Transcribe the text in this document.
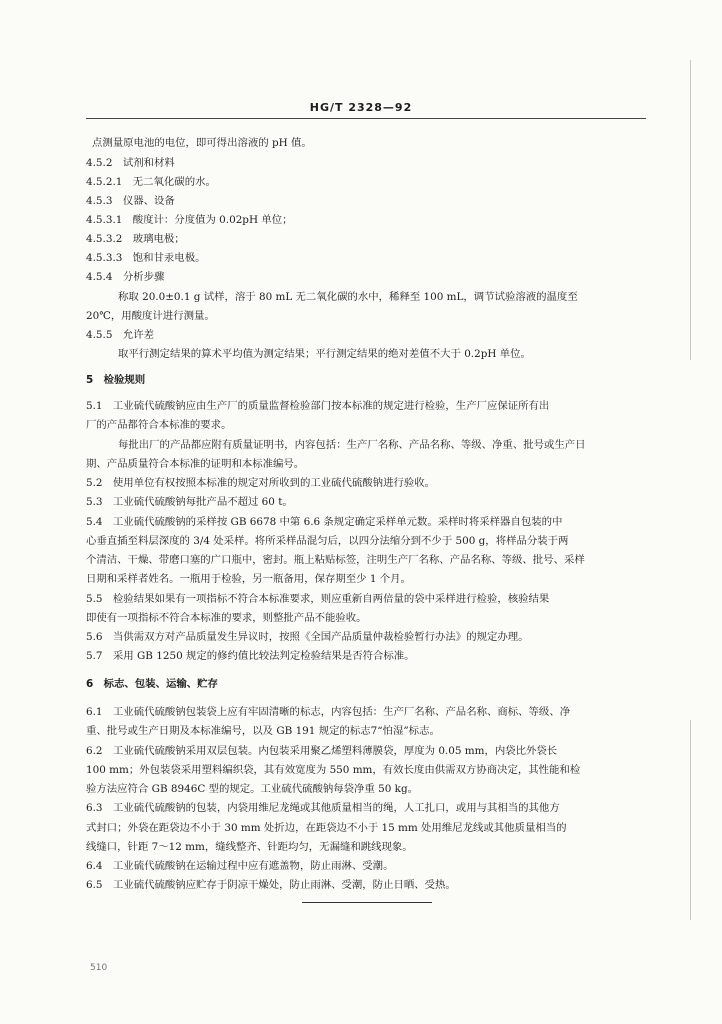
HG/T 2328—92
点测量原电池的电位，即可得出溶液的 pH 值。
4.5.2　试剂和材料
4.5.2.1　无二氧化碳的水。
4.5.3　仪器、设备
4.5.3.1　酸度计：分度值为 0.02pH 单位；
4.5.3.2　玻璃电极；
4.5.3.3　饱和甘汞电极。
4.5.4　分析步骤
称取 20.0±0.1 g 试样，溶于 80 mL 无二氧化碳的水中，稀释至 100 mL，调节试验溶液的温度至
20℃，用酸度计进行测量。
4.5.5　允许差
取平行测定结果的算术平均值为测定结果；平行测定结果的绝对差值不大于 0.2pH 单位。
5　检验规则
5.1　工业硫代硫酸钠应由生产厂的质量监督检验部门按本标准的规定进行检验，生产厂应保证所有出
厂的产品都符合本标准的要求。
每批出厂的产品都应附有质量证明书，内容包括：生产厂名称、产品名称、等级、净重、批号或生产日
期、产品质量符合本标准的证明和本标准编号。
5.2　使用单位有权按照本标准的规定对所收到的工业硫代硫酸钠进行验收。
5.3　工业硫代硫酸钠每批产品不超过 60 t。
5.4　工业硫代硫酸钠的采样按 GB 6678 中第 6.6 条规定确定采样单元数。采样时将采样器自包装的中
心垂直插至料层深度的 3/4 处采样。将所采样品混匀后，以四分法缩分到不少于 500 g，将样品分装于两
个清洁、干燥、带磨口塞的广口瓶中，密封。瓶上粘贴标签，注明生产厂名称、产品名称、等级、批号、采样
日期和采样者姓名。一瓶用于检验，另一瓶备用，保存期至少 1 个月。
5.5　检验结果如果有一项指标不符合本标准要求，则应重新自两倍量的袋中采样进行检验，核验结果
即使有一项指标不符合本标准的要求，则整批产品不能验收。
5.6　当供需双方对产品质量发生异议时，按照《全国产品质量仲裁检验暂行办法》的规定办理。
5.7　采用 GB 1250 规定的修约值比较法判定检验结果是否符合标准。
6　标志、包装、运输、贮存
6.1　工业硫代硫酸钠包装袋上应有牢固清晰的标志，内容包括：生产厂名称、产品名称、商标、等级、净
重、批号或生产日期及本标准编号，以及 GB 191 规定的标志7“怕湿”标志。
6.2　工业硫代硫酸钠采用双层包装。内包装采用聚乙烯塑料薄膜袋，厚度为 0.05 mm，内袋比外袋长
100 mm；外包装袋采用塑料编织袋，其有效宽度为 550 mm，有效长度由供需双方协商决定，其性能和检
验方法应符合 GB 8946C 型的规定。工业硫代硫酸钠每袋净重 50 kg。
6.3　工业硫代硫酸钠的包装，内袋用维尼龙绳或其他质量相当的绳，人工扎口，或用与其相当的其他方
式封口；外袋在距袋边不小于 30 mm 处折边，在距袋边不小于 15 mm 处用维尼龙线或其他质量相当的
线缝口，针距 7～12 mm，缝线整齐、针距均匀，无漏缝和跳线现象。
6.4　工业硫代硫酸钠在运输过程中应有遮盖物，防止雨淋、受潮。
6.5　工业硫代硫酸钠应贮存于阴凉干燥处，防止雨淋、受潮，防止日晒、受热。
510
